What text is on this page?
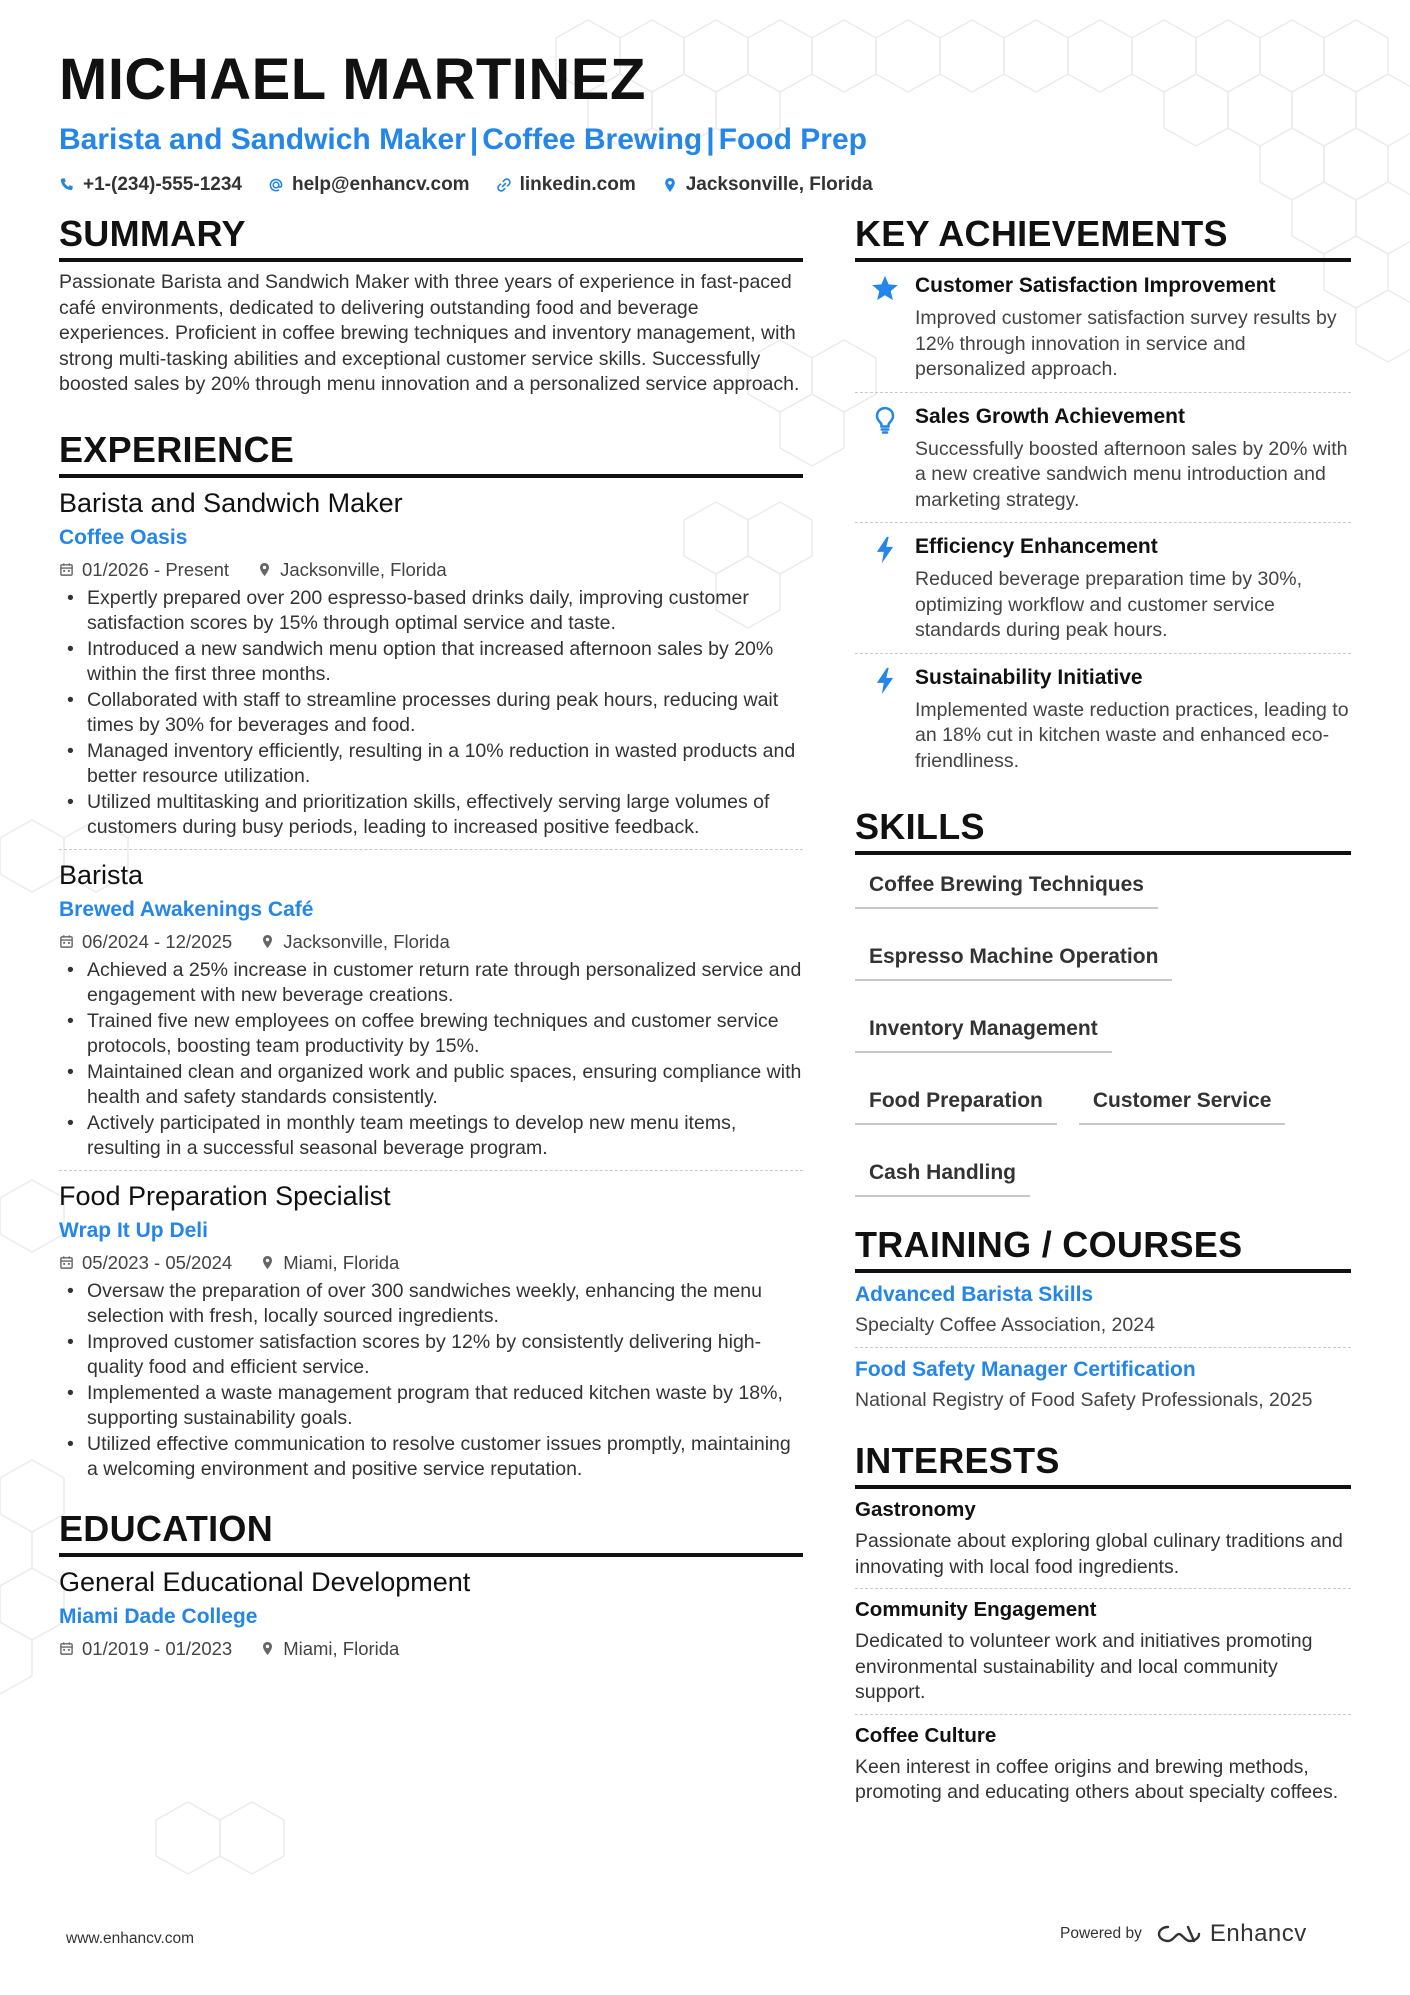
MICHAEL MARTINEZ
Barista and Sandwich Maker | Coffee Brewing | Food Prep
+1-(234)-555-1234	help@enhancv.com	linkedin.com	Jacksonville, Florida
SUMMARY
Passionate Barista and Sandwich Maker with three years of experience in fast-paced café environments, dedicated to delivering outstanding food and beverage experiences. Proficient in coffee brewing techniques and inventory management, with strong multi-tasking abilities and exceptional customer service skills. Successfully boosted sales by 20% through menu innovation and a personalized service approach.
EXPERIENCE
Barista and Sandwich Maker
Coffee Oasis
01/2026 - Present	Jacksonville, Florida
• Expertly prepared over 200 espresso-based drinks daily, improving customer satisfaction scores by 15% through optimal service and taste.
• Introduced a new sandwich menu option that increased afternoon sales by 20% within the first three months.
• Collaborated with staff to streamline processes during peak hours, reducing wait times by 30% for beverages and food.
• Managed inventory efficiently, resulting in a 10% reduction in wasted products and better resource utilization.
• Utilized multitasking and prioritization skills, effectively serving large volumes of customers during busy periods, leading to increased positive feedback.
Barista
Brewed Awakenings Café
06/2024 - 12/2025	Jacksonville, Florida
• Achieved a 25% increase in customer return rate through personalized service and engagement with new beverage creations.
• Trained five new employees on coffee brewing techniques and customer service protocols, boosting team productivity by 15%.
• Maintained clean and organized work and public spaces, ensuring compliance with health and safety standards consistently.
• Actively participated in monthly team meetings to develop new menu items, resulting in a successful seasonal beverage program.
Food Preparation Specialist
Wrap It Up Deli
05/2023 - 05/2024	Miami, Florida
• Oversaw the preparation of over 300 sandwiches weekly, enhancing the menu selection with fresh, locally sourced ingredients.
• Improved customer satisfaction scores by 12% by consistently delivering high-quality food and efficient service.
• Implemented a waste management program that reduced kitchen waste by 18%, supporting sustainability goals.
• Utilized effective communication to resolve customer issues promptly, maintaining a welcoming environment and positive service reputation.
EDUCATION
General Educational Development
Miami Dade College
01/2019 - 01/2023	Miami, Florida
KEY ACHIEVEMENTS
Customer Satisfaction Improvement
Improved customer satisfaction survey results by 12% through innovation in service and personalized approach.
Sales Growth Achievement
Successfully boosted afternoon sales by 20% with a new creative sandwich menu introduction and marketing strategy.
Efficiency Enhancement
Reduced beverage preparation time by 30%, optimizing workflow and customer service standards during peak hours.
Sustainability Initiative
Implemented waste reduction practices, leading to an 18% cut in kitchen waste and enhanced eco-friendliness.
SKILLS
Coffee Brewing Techniques
Espresso Machine Operation
Inventory Management
Food Preparation	Customer Service
Cash Handling
TRAINING / COURSES
Advanced Barista Skills
Specialty Coffee Association, 2024
Food Safety Manager Certification
National Registry of Food Safety Professionals, 2025
INTERESTS
Gastronomy
Passionate about exploring global culinary traditions and innovating with local food ingredients.
Community Engagement
Dedicated to volunteer work and initiatives promoting environmental sustainability and local community support.
Coffee Culture
Keen interest in coffee origins and brewing methods, promoting and educating others about specialty coffees.
www.enhancv.com	Powered by	Enhancv
